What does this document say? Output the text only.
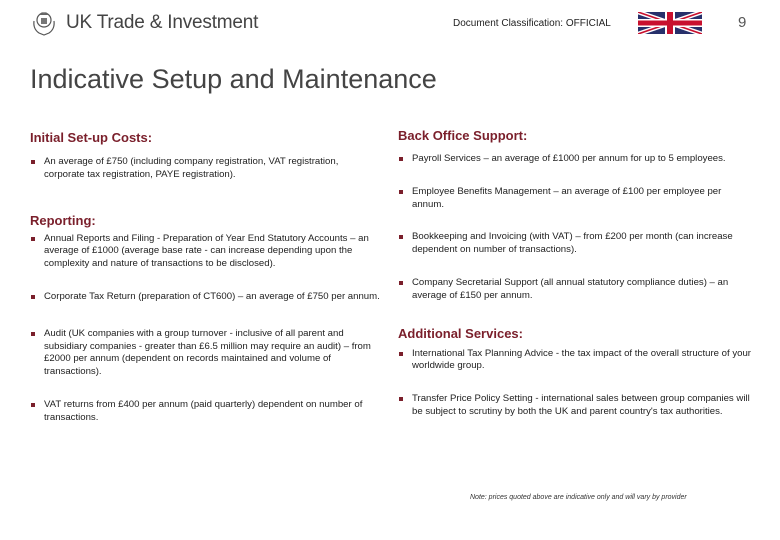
UK Trade & Investment	Document Classification: OFFICIAL	9
Indicative Setup and Maintenance
Initial Set-up Costs:
An average of £750 (including company registration, VAT registration, corporate tax registration, PAYE registration).
Reporting:
Annual Reports and Filing - Preparation of Year End Statutory Accounts – an average of £1000 (average base rate - can increase depending upon the complexity and nature of transactions to be disclosed).
Corporate Tax Return (preparation of CT600) – an average of £750 per annum.
Audit (UK companies with a group turnover - inclusive of all parent and subsidiary companies - greater than £6.5 million may require an audit) – from £2000 per annum (dependent on records maintained and volume of transactions).
VAT returns from £400 per annum (paid quarterly) dependent on number of transactions.
Back Office Support:
Payroll Services – an average of £1000 per annum for up to 5 employees.
Employee Benefits Management – an average of £100 per employee per annum.
Bookkeeping and Invoicing (with VAT) – from £200 per month (can increase dependent on number of transactions).
Company Secretarial Support (all annual statutory compliance duties) – an average of £150 per annum.
Additional Services:
International Tax Planning Advice - the tax impact of the overall structure of your worldwide group.
Transfer Price Policy Setting - international sales between group companies will be subject to scrutiny by both the UK and parent country's tax authorities.
Note: prices quoted above are indicative only and will vary by provider
